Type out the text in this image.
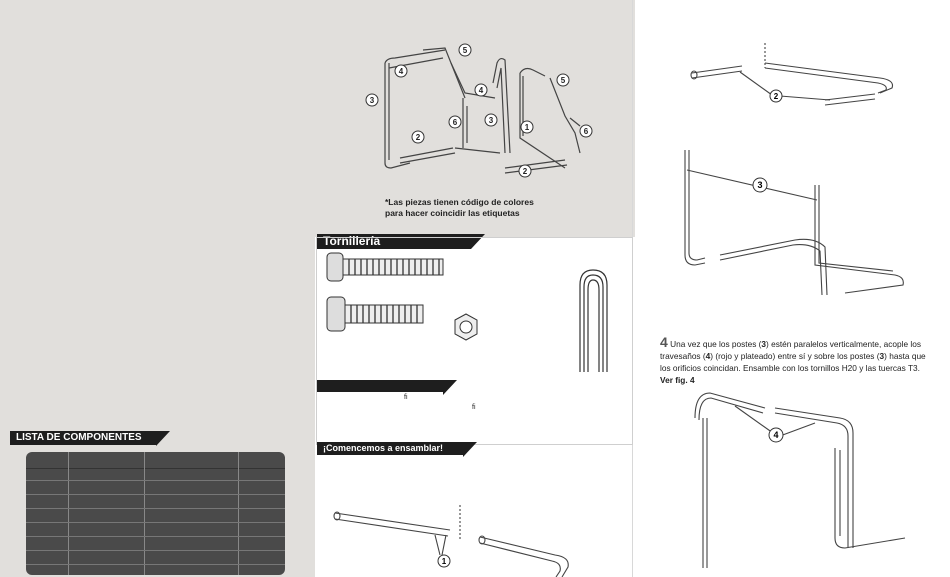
5
4
3
4
6	3
1
2
2
5
6
*Las piezas tienen código de colores para hacer coincidir las etiquetas
Tornillería
fi
fi
¡Comencemos a ensamblar!
1
LISTA DE COMPONENTES
2
3
4 Una vez que los postes (3) estén paralelos verticalmente, acople los travesaños (4) (rojo y plateado) entre sí y sobre los postes (3) hasta que los orificios coincidan. Ensamble con los tornillos H20 y las tuercas T3. Ver fig. 4
4
